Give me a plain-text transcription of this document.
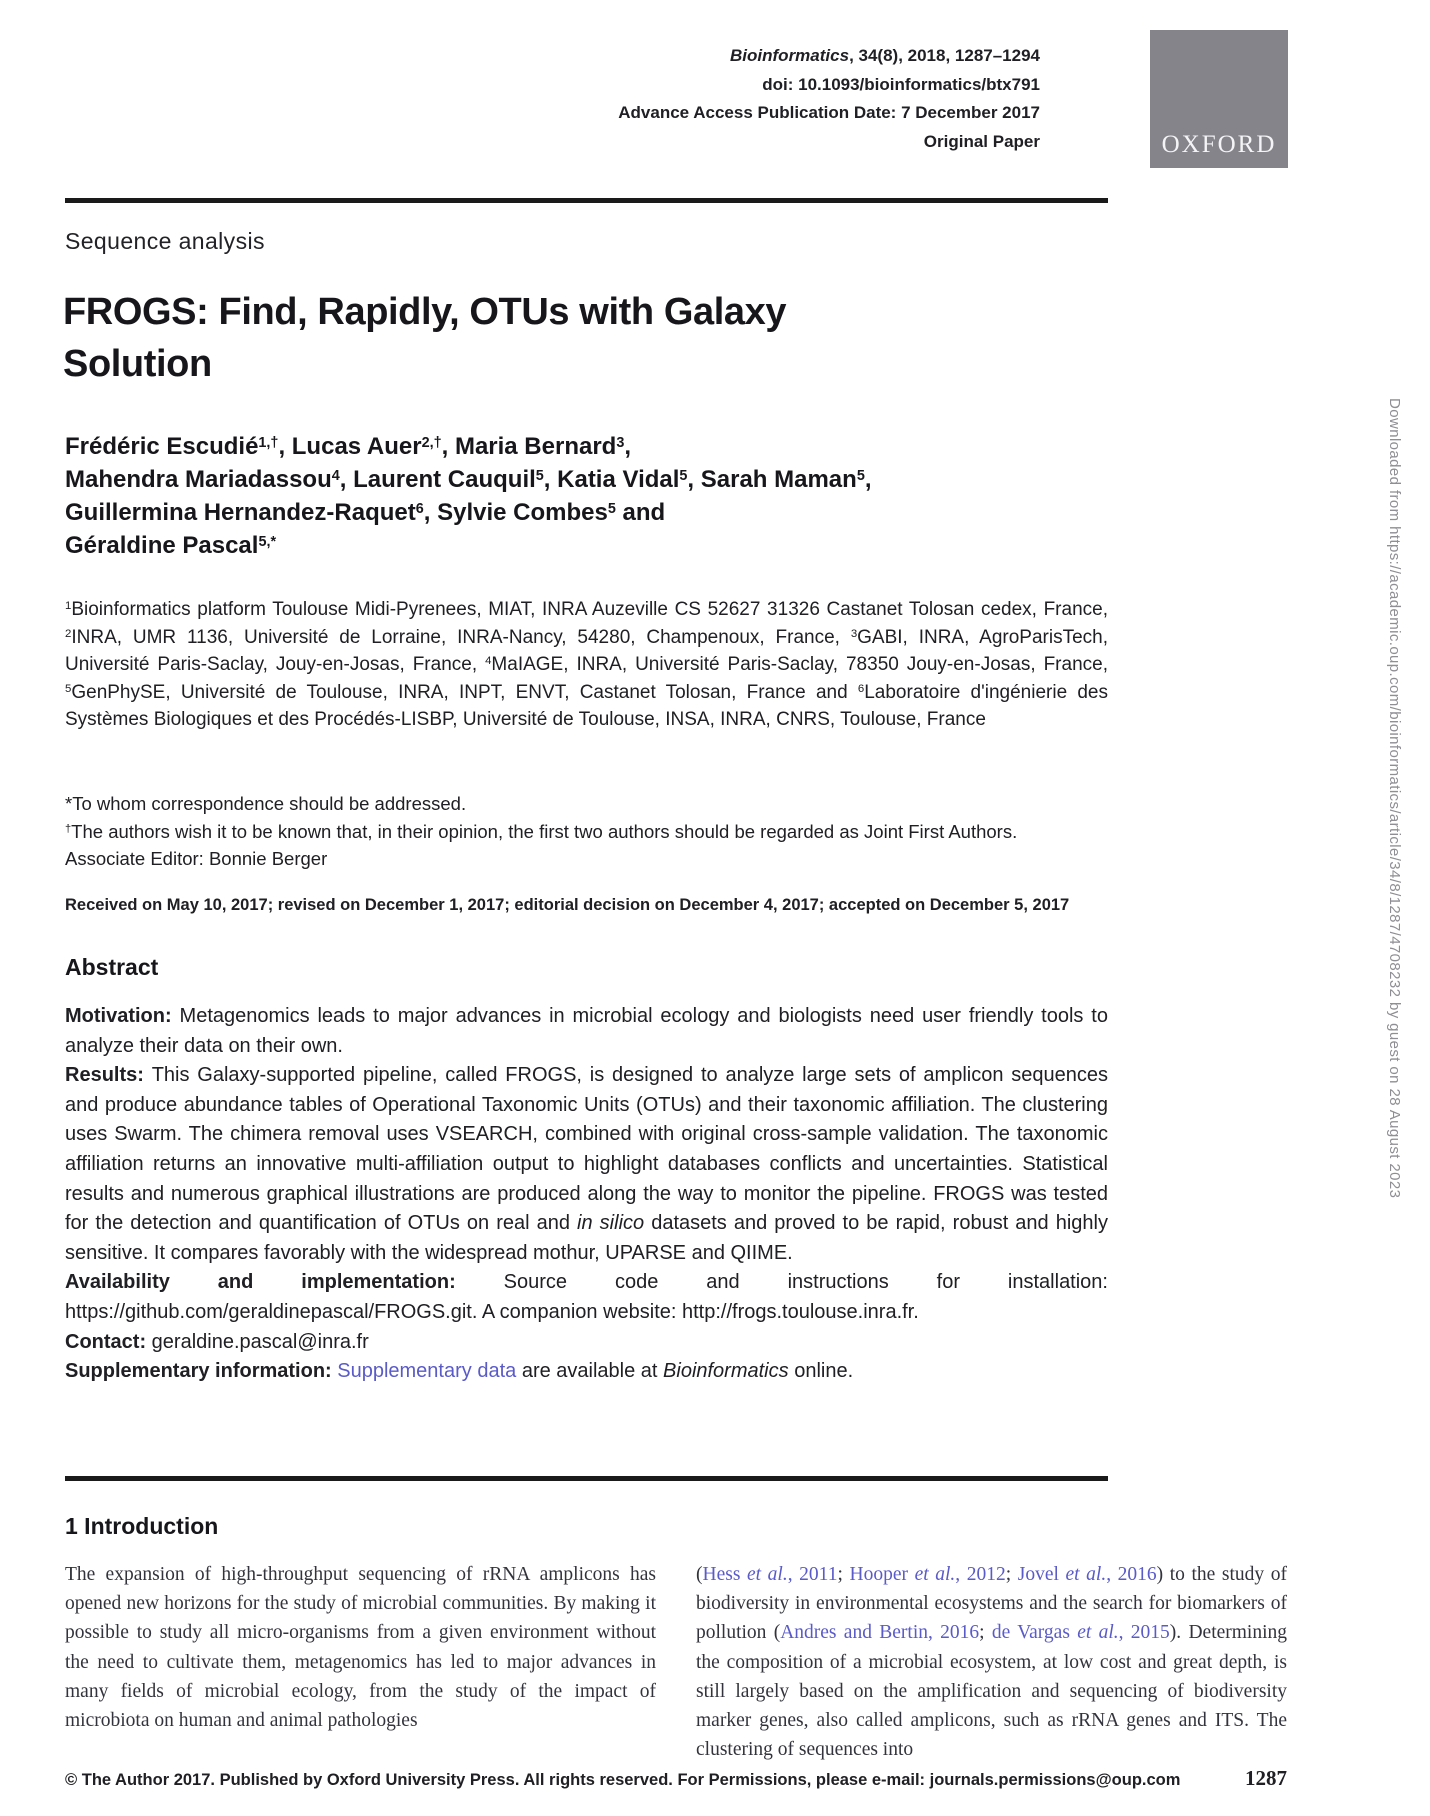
Bioinformatics, 34(8), 2018, 1287–1294
doi: 10.1093/bioinformatics/btx791
Advance Access Publication Date: 7 December 2017
Original Paper	OXFORD
Sequence analysis
FROGS: Find, Rapidly, OTUs with Galaxy
Solution
Frédéric Escudié$^{1,\dagger}$, Lucas Auer$^{2,\dagger}$, Maria Bernard$^3$,
Mahendra Mariadassou$^4$, Laurent Cauquil$^5$, Katia Vidal$^5$, Sarah Maman$^5$,
Guillermina Hernandez-Raquet$^6$, Sylvie Combes$^5$ and
Géraldine Pascal$^{5,*}$
$^1$Bioinformatics platform Toulouse Midi-Pyrenees, MIAT, INRA Auzeville CS 52627 31326 Castanet Tolosan cedex, France, $^2$INRA, UMR 1136, Université de Lorraine, INRA-Nancy, 54280, Champenoux, France, $^3$GABI, INRA, AgroParisTech, Université Paris-Saclay, Jouy-en-Josas, France, $^4$MaIAGE, INRA, Université Paris-Saclay, 78350 Jouy-en-Josas, France, $^5$GenPhySE, Université de Toulouse, INRA, INPT, ENVT, Castanet Tolosan, France and $^6$Laboratoire d'ingénierie des Systèmes Biologiques et des Procédés-LISBP, Université de Toulouse, INSA, INRA, CNRS, Toulouse, France
*To whom correspondence should be addressed.
†The authors wish it to be known that, in their opinion, the first two authors should be regarded as Joint First Authors.
Associate Editor: Bonnie Berger
Received on May 10, 2017; revised on December 1, 2017; editorial decision on December 4, 2017; accepted on December 5, 2017
Abstract

Motivation: Metagenomics leads to major advances in microbial ecology and biologists need user friendly tools to analyze their data on their own.

Results: This Galaxy-supported pipeline, called FROGS, is designed to analyze large sets of amplicon sequences and produce abundance tables of Operational Taxonomic Units (OTUs) and their taxonomic affiliation. The clustering uses Swarm. The chimera removal uses VSEARCH, combined with original cross-sample validation. The taxonomic affiliation returns an innovative multi-affiliation output to highlight databases conflicts and uncertainties. Statistical results and numerous graphical illustrations are produced along the way to monitor the pipeline. FROGS was tested for the detection and quantification of OTUs on real and in silico datasets and proved to be rapid, robust and highly sensitive. It compares favorably with the widespread mothur, UPARSE and QIIME.

Availability and implementation: Source code and instructions for installation: https://github.com/geraldinepascal/FROGS.git. A companion website: http://frogs.toulouse.inra.fr.

Contact: geraldine.pascal@inra.fr

Supplementary information: Supplementary data are available at Bioinformatics online.

1 Introduction

The expansion of high-throughput sequencing of rRNA amplicons has opened new horizons for the study of microbial communities. By making it possible to study all micro-organisms from a given environment without the need to cultivate them, metagenomics has led to major advances in many fields of microbial ecology, from the study of the impact of microbiota on human and animal pathologies

(Hess et al., 2011; Hooper et al., 2012; Jovel et al., 2016) to the study of biodiversity in environmental ecosystems and the search for biomarkers of pollution (Andres and Bertin, 2016; de Vargas et al., 2015). Determining the composition of a microbial ecosystem, at low cost and great depth, is still largely based on the amplification and sequencing of biodiversity marker genes, also called amplicons, such as rRNA genes and ITS. The clustering of sequences into

© The Author 2017. Published by Oxford University Press. All rights reserved. For Permissions, please e-mail: journals.permissions@oup.com	1287
Downloaded from https://academic.oup.com/bioinformatics/article/34/8/1287/4708232 by guest on 28 August 2023
